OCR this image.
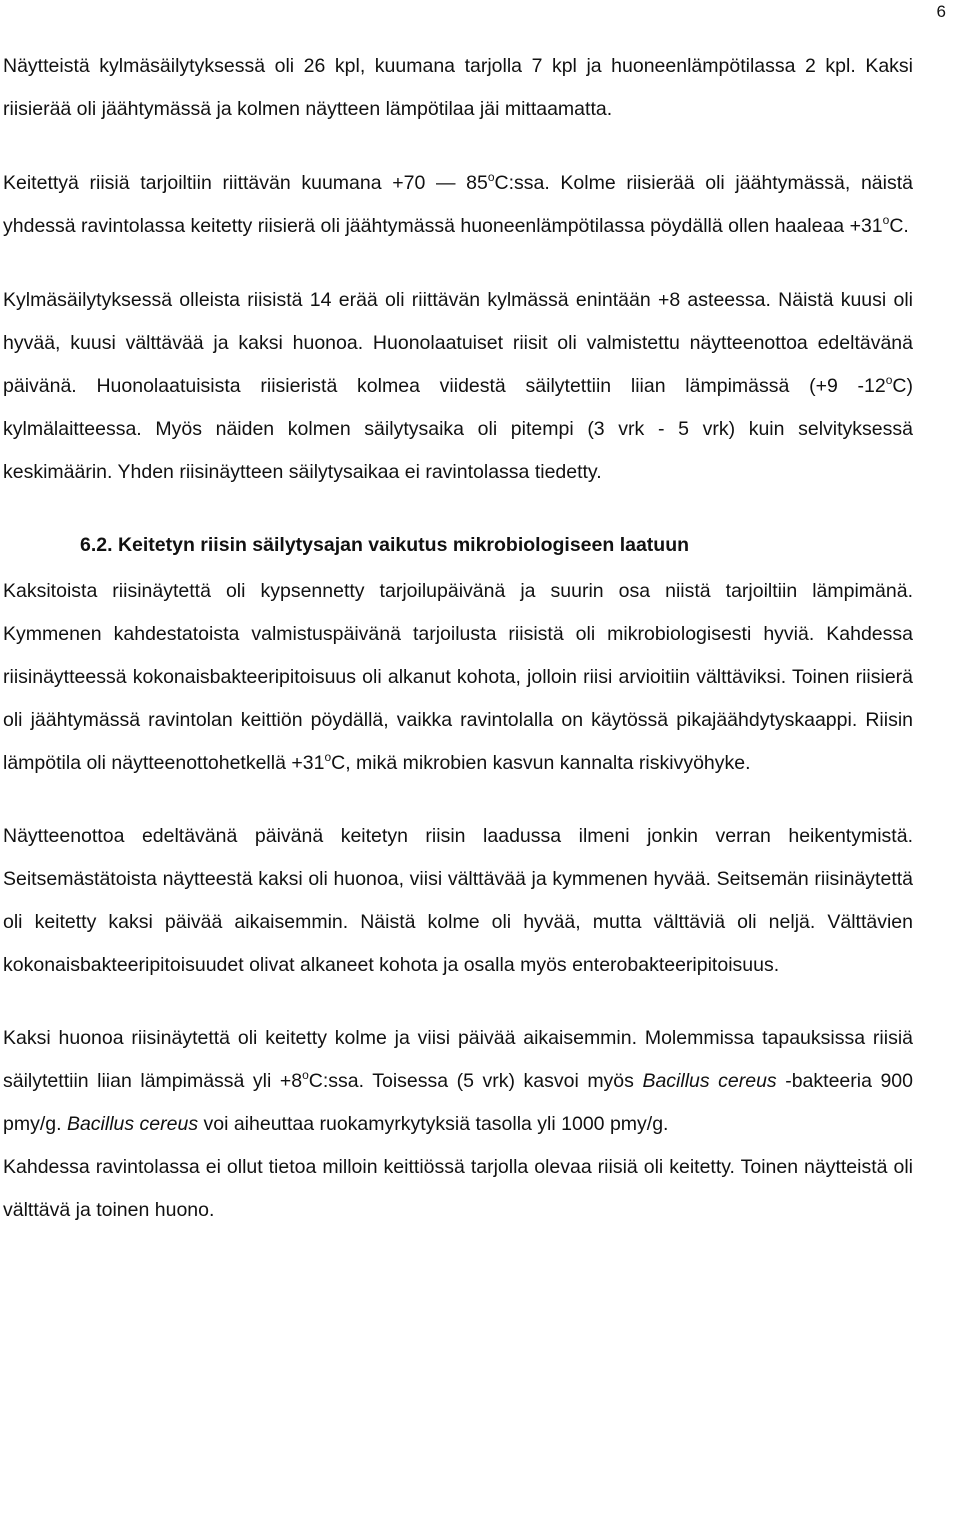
6

Näytteistä kylmäsäilytyksessä oli 26 kpl, kuumana tarjolla 7 kpl ja huoneenlämpötilassa 2 kpl. Kaksi riisierää oli jäähtymässä ja kolmen näytteen lämpötilaa jäi mittaamatta.

Keitettyä riisiä tarjoiltiin riittävän kuumana +70 — 85$^o$C:ssa. Kolme riisierää oli jäähtymässä, näistä yhdessä ravintolassa keitetty riisierä oli jäähtymässä huoneenlämpötilassa pöydällä ollen haaleaa $+31^oC$.

Kylmäsäilytyksessä olleista riisistä 14 erää oli riittävän kylmässä enintään +8 asteessa. Näistä kuusi oli hyvää, kuusi välttävää ja kaksi huonoa. Huonolaatuiset riisit oli valmistettu näytteenottoa edeltävänä päivänä. Huonolaatuisista riisieristä kolmea viidestä säilytettiin liian lämpimässä (+9 -12$^o$C) kylmälaitteessa. Myös näiden kolmen säilytysaika oli pitempi (3 vrk - 5 vrk) kuin selvityksessä keskimäärin. Yhden riisinäytteen säilytysaikaa ei ravintolassa tiedetty.

6.2. Keitetyn riisin säilytysajan vaikutus mikrobiologiseen laatuun

Kaksitoista riisinäytettä oli kypsennetty tarjoilupäivänä ja suurin osa niistä tarjoiltiin lämpimänä. Kymmenen kahdestatoista valmistuspäivänä tarjoilusta riisistä oli mikrobiologisesti hyviä. Kahdessa riisinäytteessä kokonaisbakteeripitoisuus oli alkanut kohota, jolloin riisi arvioitiin välttäviksi. Toinen riisierä oli jäähtymässä ravintolan keittiön pöydällä, vaikka ravintolalla on käytössä pikajäähdytyskaappi. Riisin lämpötila oli näytteenottohetkellä $+31^oC$, mikä mikrobien kasvun kannalta riskivyöhyke.

Näytteenottoa edeltävänä päivänä keitetyn riisin laadussa ilmeni jonkin verran heikentymistä. Seitsemästätoista näytteestä kaksi oli huonoa, viisi välttävää ja kymmenen hyvää. Seitsemän riisinäytettä oli keitetty kaksi päivää aikaisemmin. Näistä kolme oli hyvää, mutta välttäviä oli neljä. Välttävien kokonaisbakteeripitoisuudet olivat alkaneet kohota ja osalla myös enterobakteeripitoisuus.

Kaksi huonoa riisinäytettä oli keitetty kolme ja viisi päivää aikaisemmin. Molemmissa tapauksissa riisiä säilytettiin liian lämpimässä yli $+8^oC:ssa$. Toisessa (5 vrk) kasvoi myös Bacillus cereus -bakteeria 900 pmy/g. Bacillus cereus voi aiheuttaa ruokamyrkytyksiä tasolla yli 1000 pmy/g.

Kahdessa ravintolassa ei ollut tietoa milloin keittiössä tarjolla olevaa riisiä oli keitetty. Toinen näytteistä oli välttävä ja toinen huono.
